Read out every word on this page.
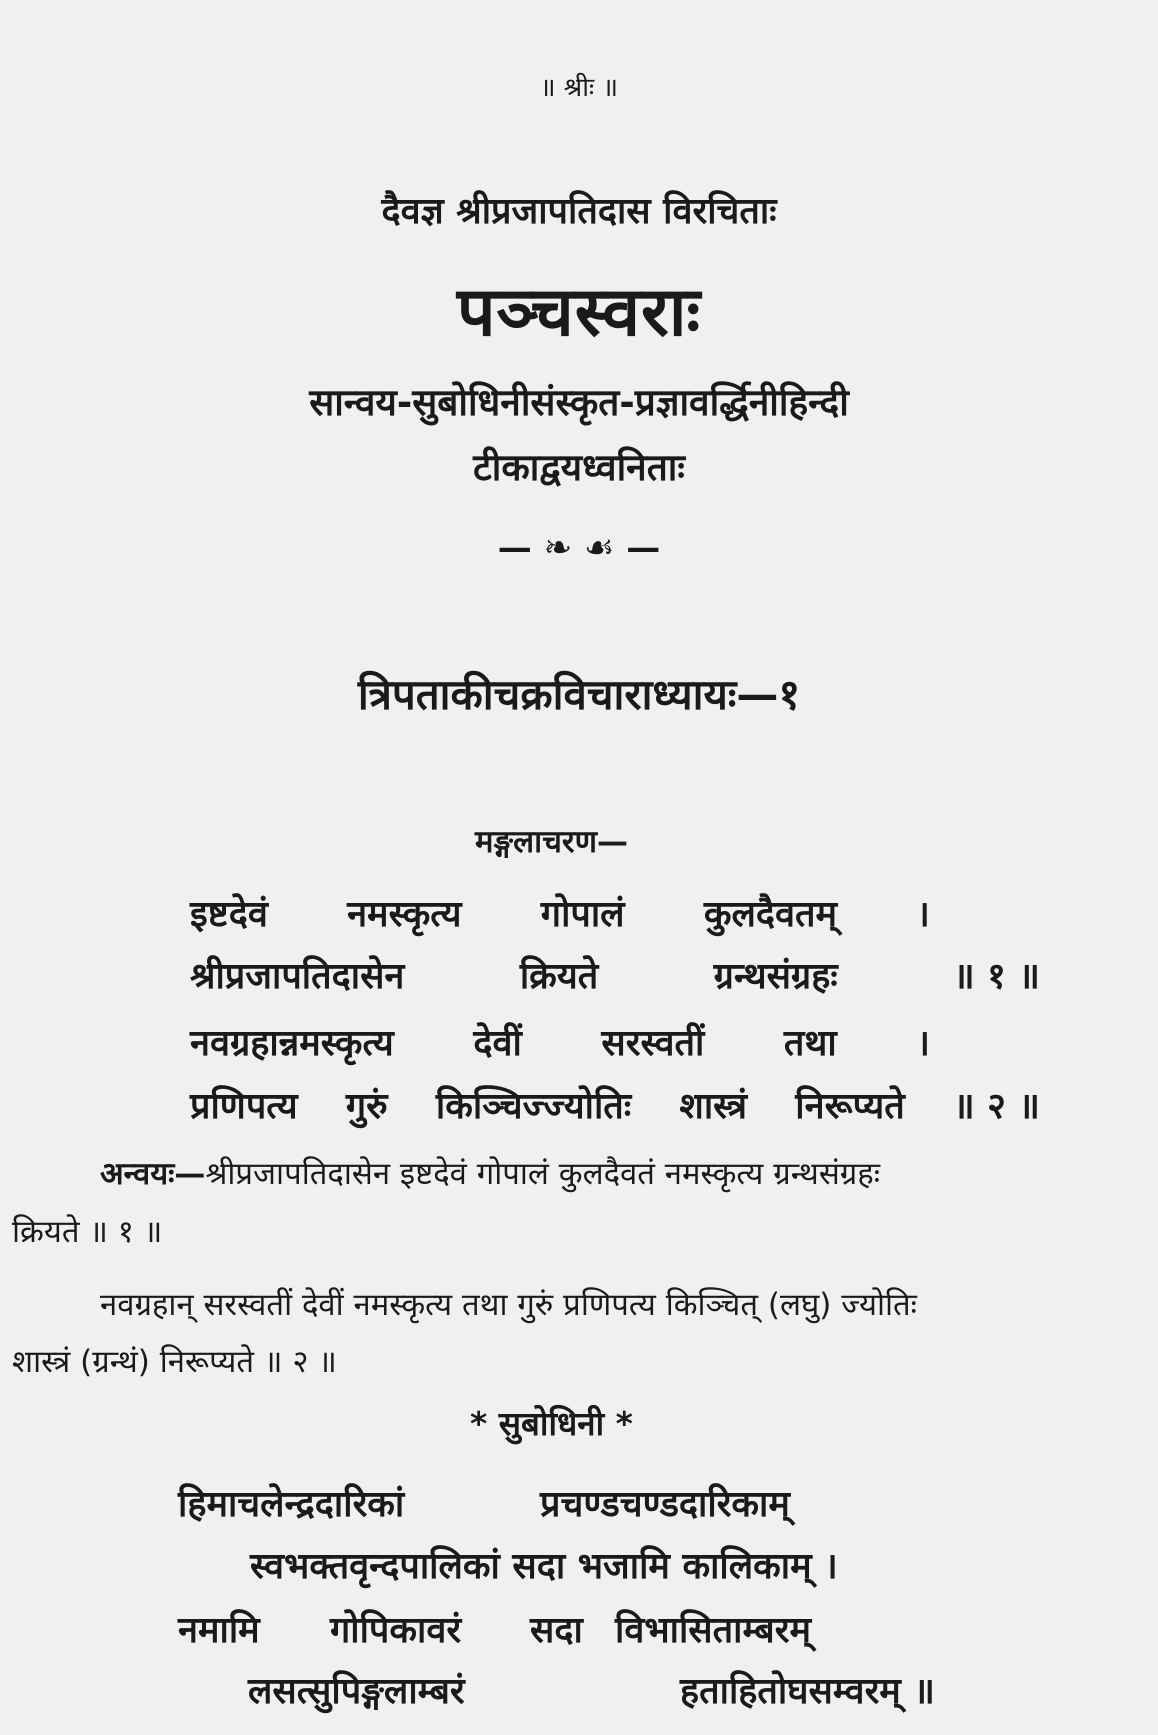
॥ श्रीः ॥
दैवज्ञ श्रीप्रजापतिदास विरचिताः
पञ्चस्वराः
सान्वय-सुबोधिनीसंस्कृत-प्रज्ञावर्द्धिनीहिन्दी
टीकाद्वयध्वनिताः
— ❧ ☙ —
त्रिपताकीचक्रविचाराध्यायः—१
मङ्गलाचरण—
इष्टदेवं नमस्कृत्य गोपालं कुलदैवतम् ।
श्रीप्रजापतिदासेन	क्रियते	ग्रन्थसंग्रहः	॥ १ ॥
नवग्रहान्नमस्कृत्य देवीं सरस्वतीं तथा ।
प्रणिपत्य गुरुं किञ्चिज्ज्योतिः शास्त्रं निरूप्यते ॥ २ ॥
अन्वयः—श्रीप्रजापतिदासेन इष्टदेवं गोपालं कुलदैवतं नमस्कृत्य ग्रन्थसंग्रहः
क्रियते ॥ १ ॥
नवग्रहान् सरस्वतीं देवीं नमस्कृत्य तथा गुरुं प्रणिपत्य किञ्चित् (लघु) ज्योतिः
शास्त्रं (ग्रन्थं) निरूप्यते ॥ २ ॥
* सुबोधिनी *
हिमाचलेन्द्रदारिकां	प्रचण्डचण्डदारिकाम्
स्वभक्तवृन्दपालिकां सदा भजामि कालिकाम् ।
नमामि गोपिकावरं सदा विभासिताम्बरम्
लसत्सुपिङ्गलाम्बरं	हताहितोघसम्वरम् ॥
